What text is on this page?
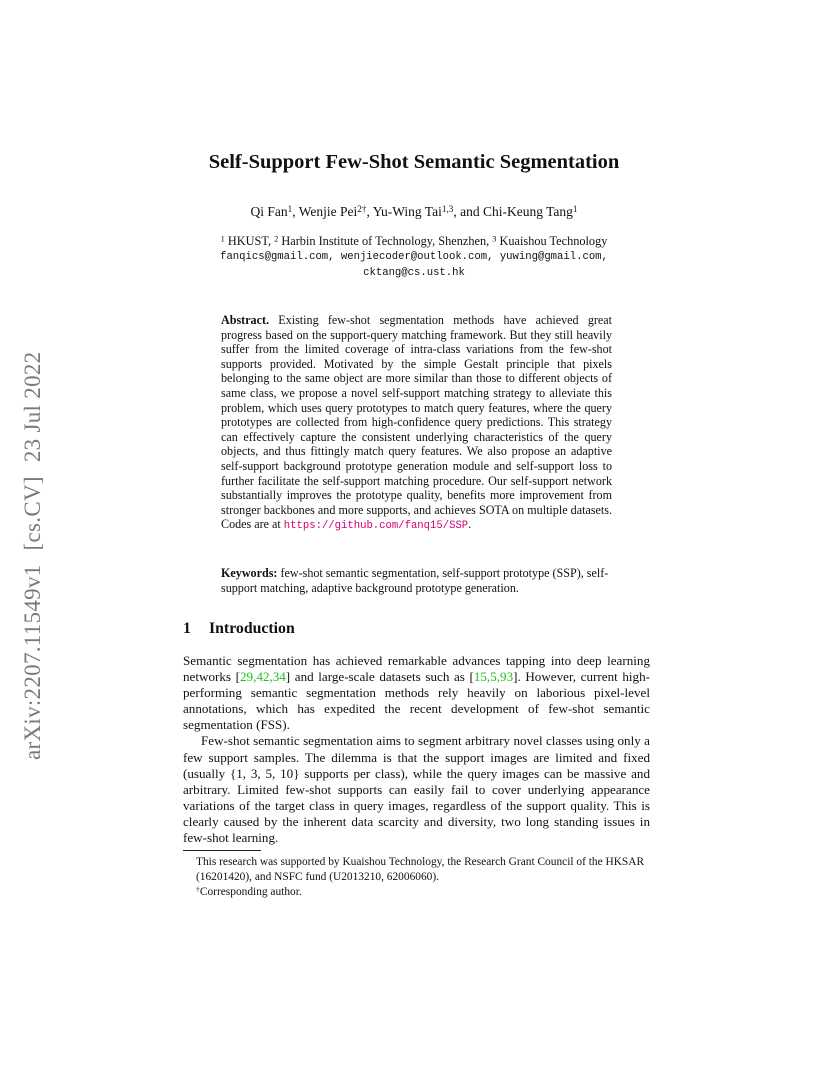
arXiv:2207.11549v1[cs.CV]23 Jul 2022
Self-Support Few-Shot Semantic Segmentation
Qi Fan$^1$, Wenjie Pei$^{2\dagger}$, Yu-Wing Tai$^{1,3}$, and Chi-Keung Tang$^1$
$^1$ HKUST, $^2$ Harbin Institute of Technology, Shenzhen, $^3$ Kuaishou Technology
fanqics@gmail.com, wenjiecoder@outlook.com, yuwing@gmail.com,
cktang@cs.ust.hk
Abstract. Existing few-shot segmentation methods have achieved great progress based on the support-query matching framework. But they still heavily suffer from the limited coverage of intra-class variations from the few-shot supports provided. Motivated by the simple Gestalt principle that pixels belonging to the same object are more similar than those to different objects of same class, we propose a novel self-support matching strategy to alleviate this problem, which uses query prototypes to match query features, where the query prototypes are collected from high-confidence query predictions. This strategy can effectively capture the consistent underlying characteristics of the query objects, and thus fittingly match query features. We also propose an adaptive self-support background prototype generation module and self-support loss to further facilitate the self-support matching procedure. Our self-support network substantially improves the prototype quality, benefits more improvement from stronger backbones and more supports, and achieves SOTA on multiple datasets. Codes are at https://github.com/fanq15/SSP.
Keywords: few-shot semantic segmentation, self-support prototype (SSP), self-support matching, adaptive background prototype generation.
1 Introduction

Semantic segmentation has achieved remarkable advances tapping into deep learning networks [29,42,34] and large-scale datasets such as [15,5,93]. However, current high-performing semantic segmentation methods rely heavily on laborious pixel-level annotations, which has expedited the recent development of few-shot semantic segmentation (FSS).

Few-shot semantic segmentation aims to segment arbitrary novel classes using only a few support samples. The dilemma is that the support images are limited and fixed (usually {1, 3, 5, 10} supports per class), while the query images can be massive and arbitrary. Limited few-shot supports can easily fail to cover underlying appearance variations of the target class in query images, regardless of the support quality. This is clearly caused by the inherent data scarcity and diversity, two long standing issues in few-shot learning.

This research was supported by Kuaishou Technology, the Research Grant Council of the HKSAR (16201420), and NSFC fund (U2013210, 62006060).
†Corresponding author.
